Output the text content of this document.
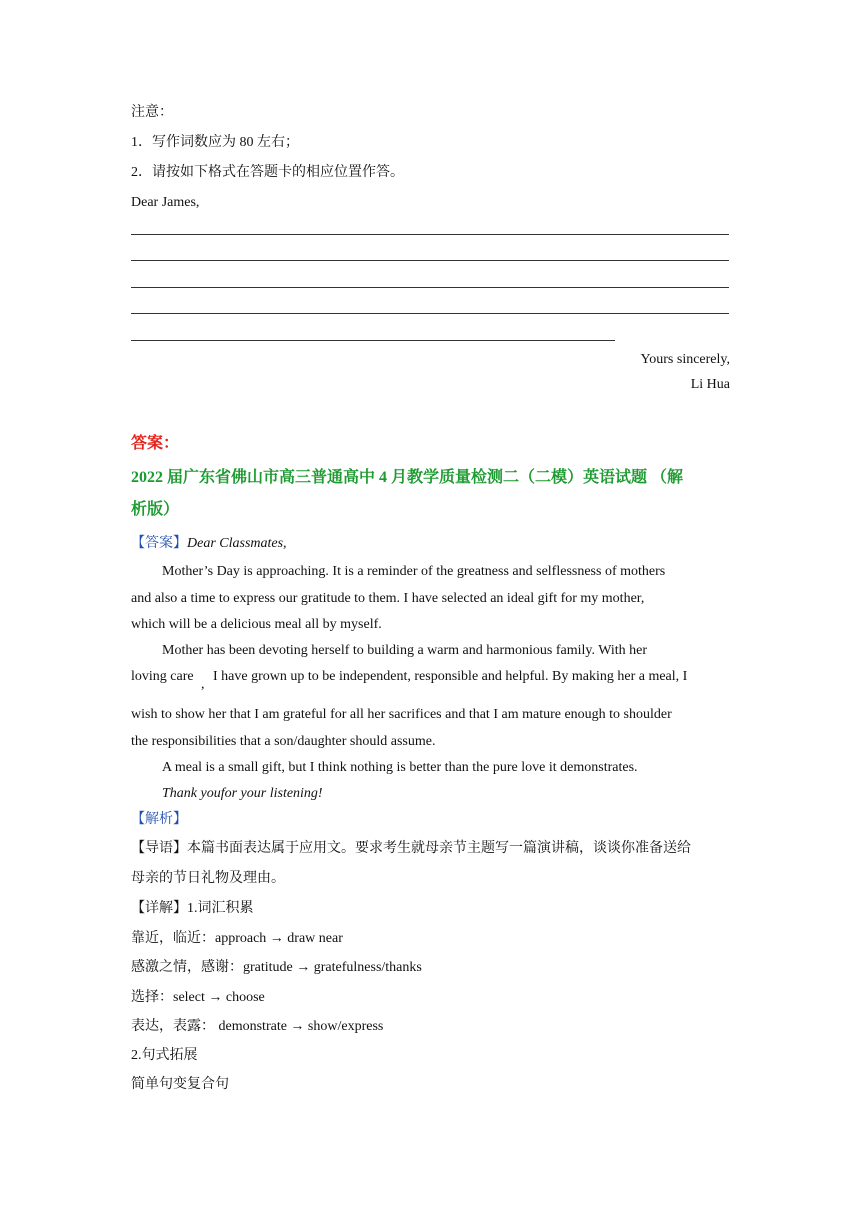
注意：
1．写作词数应为 80 左右；
2．请按如下格式在答题卡的相应位置作答。
Dear James,
Yours sincerely,
Li Hua
答案：
2022 届广东省佛山市高三普通高中 4 月教学质量检测二（二模）英语试题 （解
析版）
【答案】Dear Classmates,
Mother’s Day is approaching. It is a reminder of the greatness and selflessness of mothers
and also a time to express our gratitude to them. I have selected an ideal gift for my mother,
which will be a delicious meal all by myself.
Mother has been devoting herself to building a warm and harmonious family. With her
loving care
,
I have grown up to be independent, responsible and helpful. By making her a meal, I
wish to show her that I am grateful for all her sacrifices and that I am mature enough to shoulder
the responsibilities that a son/daughter should assume.
A meal is a small gift, but I think nothing is better than the pure love it demonstrates.
Thank youfor your listening!
【解析】
【导语】本篇书面表达属于应用文。要求考生就母亲节主题写一篇演讲稿，谈谈你准备送给
母亲的节日礼物及理由。
【详解】1.词汇积累
靠近，临近：approach → draw near
感激之情，感谢：gratitude → gratefulness/thanks
选择：select → choose
表达，表露： demonstrate → show/express
2.句式拓展
简单句变复合句
